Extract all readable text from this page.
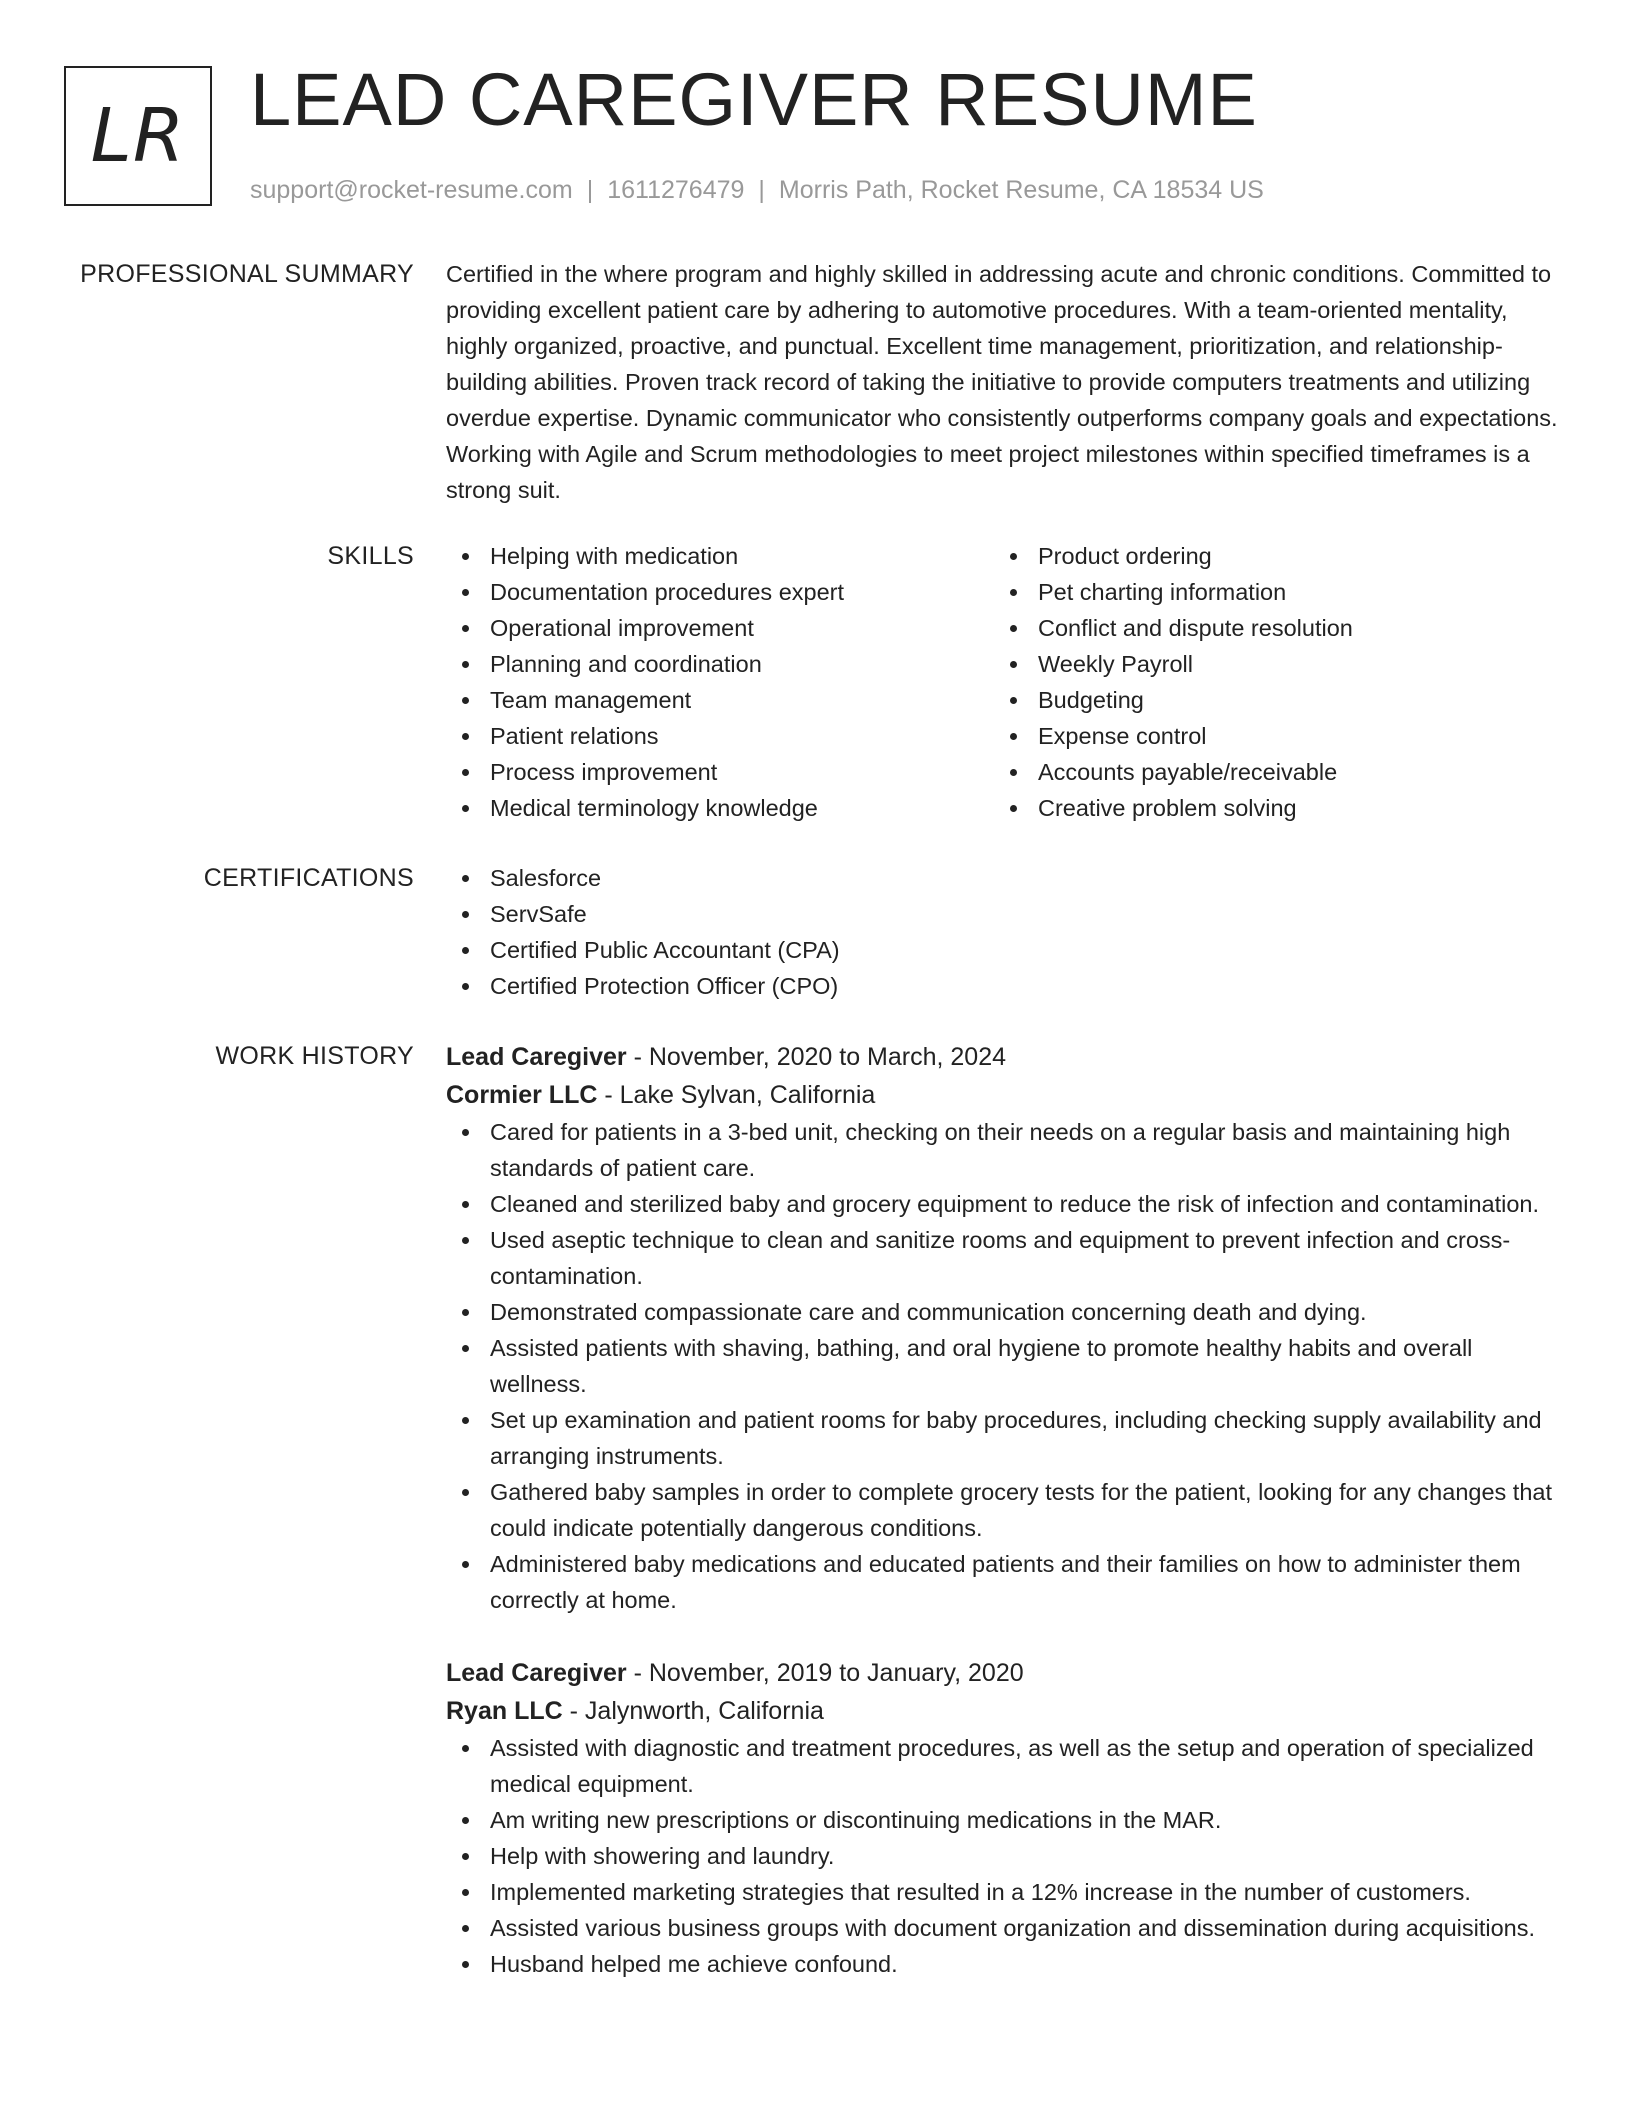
LR LEAD CAREGIVER RESUME
support@rocket-resume.com | 1611276479 | Morris Path, Rocket Resume, CA 18534 US
PROFESSIONAL SUMMARY Certified in the where program and highly skilled in addressing acute and chronic conditions. Committed to providing excellent patient care by adhering to automotive procedures. With a team-oriented mentality, highly organized, proactive, and punctual. Excellent time management, prioritization, and relationship-building abilities. Proven track record of taking the initiative to provide computers treatments and utilizing overdue expertise. Dynamic communicator who consistently outperforms company goals and expectations. Working with Agile and Scrum methodologies to meet project milestones within specified timeframes is a strong suit.

SKILLS	Helping with medication
Documentation procedures expert
Operational improvement
Planning and coordination
Team management
Patient relations
Process improvement
Medical terminology knowledge
Product ordering
Pet charting information
Conflict and dispute resolution
Weekly Payroll
Budgeting
Expense control
Accounts payable/receivable
Creative problem solving
CERTIFICATIONS	Salesforce
ServSafe
Certified Public Accountant (CPA)
Certified Protection Officer (CPO)
WORK HISTORY Lead Caregiver - November, 2020 to March, 2024
Cormier LLC - Lake Sylvan, California
Cared for patients in a 3-bed unit, checking on their needs on a regular basis and maintaining high standards of patient care.
Cleaned and sterilized baby and grocery equipment to reduce the risk of infection and contamination.
Used aseptic technique to clean and sanitize rooms and equipment to prevent infection and cross-contamination.
Demonstrated compassionate care and communication concerning death and dying.
Assisted patients with shaving, bathing, and oral hygiene to promote healthy habits and overall wellness.
Set up examination and patient rooms for baby procedures, including checking supply availability and arranging instruments.
Gathered baby samples in order to complete grocery tests for the patient, looking for any changes that could indicate potentially dangerous conditions.
Administered baby medications and educated patients and their families on how to administer them correctly at home.
Lead Caregiver - November, 2019 to January, 2020
Ryan LLC - Jalynworth, California
Assisted with diagnostic and treatment procedures, as well as the setup and operation of specialized medical equipment.
Am writing new prescriptions or discontinuing medications in the MAR.
Help with showering and laundry.
Implemented marketing strategies that resulted in a 12% increase in the number of customers.
Assisted various business groups with document organization and dissemination during acquisitions.
Husband helped me achieve confound.
